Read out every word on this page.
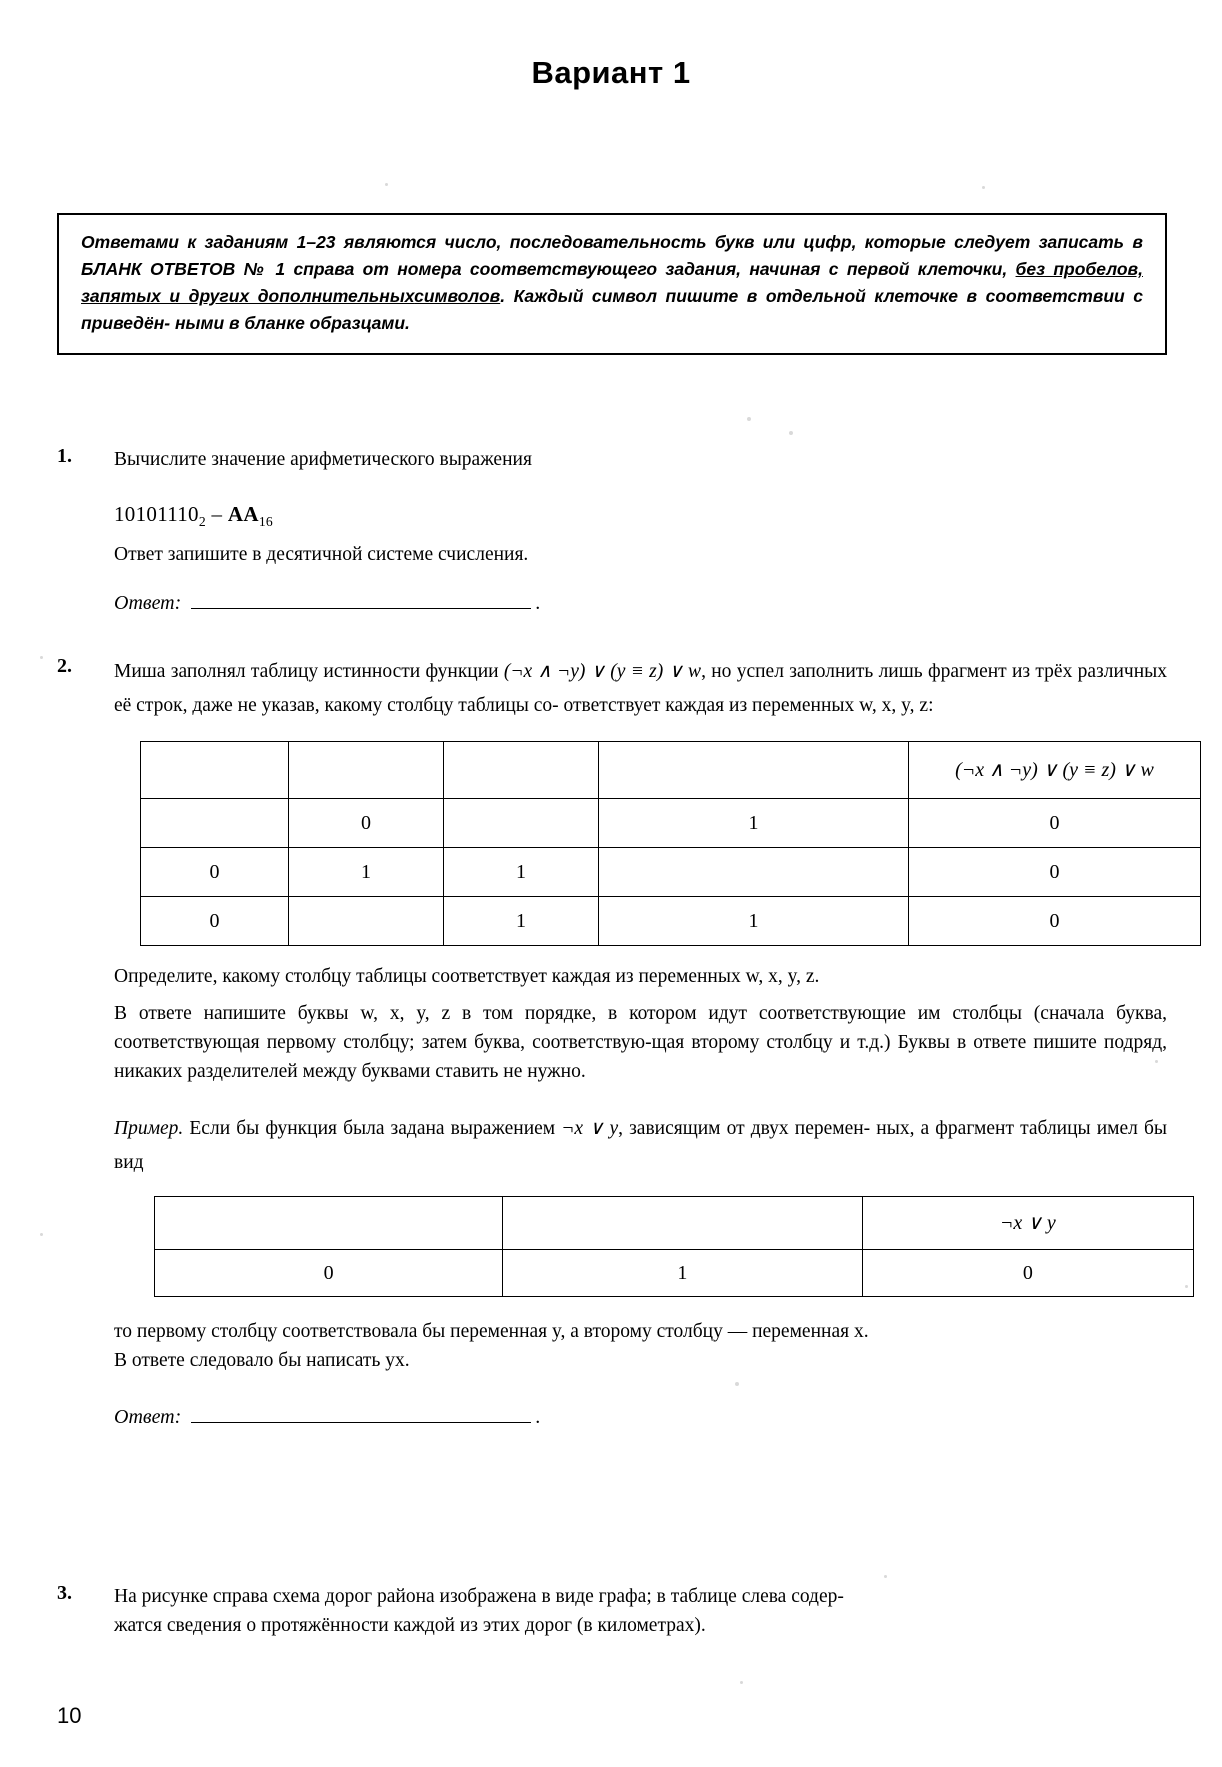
Вариант 1

Ответами к заданиям 1–23 являются число, последовательность букв или цифр, которые следует записать в БЛАНК ОТВЕТОВ № 1 справа от номера соответствующего задания, начиная с первой клеточки, без пробелов, запятых и других дополнительныхсимволов. Каждый символ пишите в отдельной клеточке в соответствии с приведён- ными в бланке образцами.

1.	Вычислите значение арифметического выражения
$10101110_2 - AA_{16}$
Ответ запишите в десятичной системе счисления.
Ответ:	.
2.	Миша заполнял таблицу истинности функции (¬x ∧ ¬y) ∨ (y ≡ z) ∨ w, но успел заполнить лишь фрагмент из трёх различных её строк, даже не указав, какому столбцу таблицы со- ответствует каждая из переменных w, x, y, z:
				(¬x ∧ ¬y) ∨ (y ≡ z) ∨ w
	0		1	0
0	1	1		0
0		1	1	0
Определите, какому столбцу таблицы соответствует каждая из переменных w, x, y, z.
В ответе напишите буквы w, x, y, z в том порядке, в котором идут соответствующие им столбцы (сначала буква, соответствующая первому столбцу; затем буква, соответствую-щая второму столбцу и т.д.) Буквы в ответе пишите подряд, никаких разделителей между буквами ставить не нужно.
Пример. Если бы функция была задана выражением ¬x ∨ y, зависящим от двух перемен- ных, а фрагмент таблицы имел бы вид
		¬x ∨ y
0	1	0
то первому столбцу соответствовала бы переменная y, а второму столбцу — переменная x.
В ответе следовало бы написать yx.
Ответ:	.
3.	На рисунке справа схема дорог района изображена в виде графа; в таблице слева содер-
жатся сведения о протяжённости каждой из этих дорог (в километрах).
10
